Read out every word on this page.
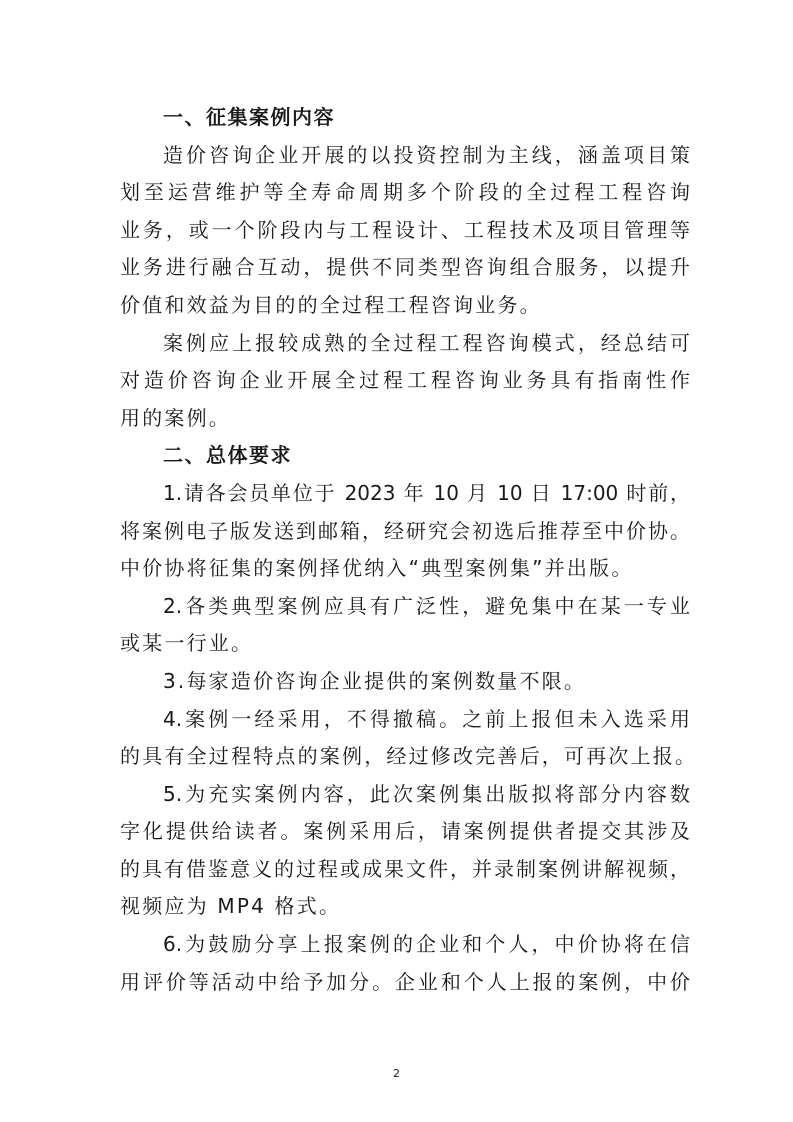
一、征集案例内容
造价咨询企业开展的以投资控制为主线，涵盖项目策
划至运营维护等全寿命周期多个阶段的全过程工程咨询
业务，或一个阶段内与工程设计、工程技术及项目管理等
业务进行融合互动，提供不同类型咨询组合服务，以提升
价值和效益为目的的全过程工程咨询业务。
案例应上报较成熟的全过程工程咨询模式，经总结可
对造价咨询企业开展全过程工程咨询业务具有指南性作
用的案例。
二、总体要求
1.请各会员单位于 2023 年 10 月 10 日 17:00 时前，
将案例电子版发送到邮箱，经研究会初选后推荐至中价协。
中价协将征集的案例择优纳入“典型案例集”并出版。
2.各类典型案例应具有广泛性，避免集中在某一专业
或某一行业。
3.每家造价咨询企业提供的案例数量不限。
4.案例一经采用，不得撤稿。之前上报但未入选采用
的具有全过程特点的案例，经过修改完善后，可再次上报。
5.为充实案例内容，此次案例集出版拟将部分内容数
字化提供给读者。案例采用后，请案例提供者提交其涉及
的具有借鉴意义的过程或成果文件，并录制案例讲解视频，
视频应为 MP4 格式。
6.为鼓励分享上报案例的企业和个人，中价协将在信
用评价等活动中给予加分。企业和个人上报的案例，中价
2
